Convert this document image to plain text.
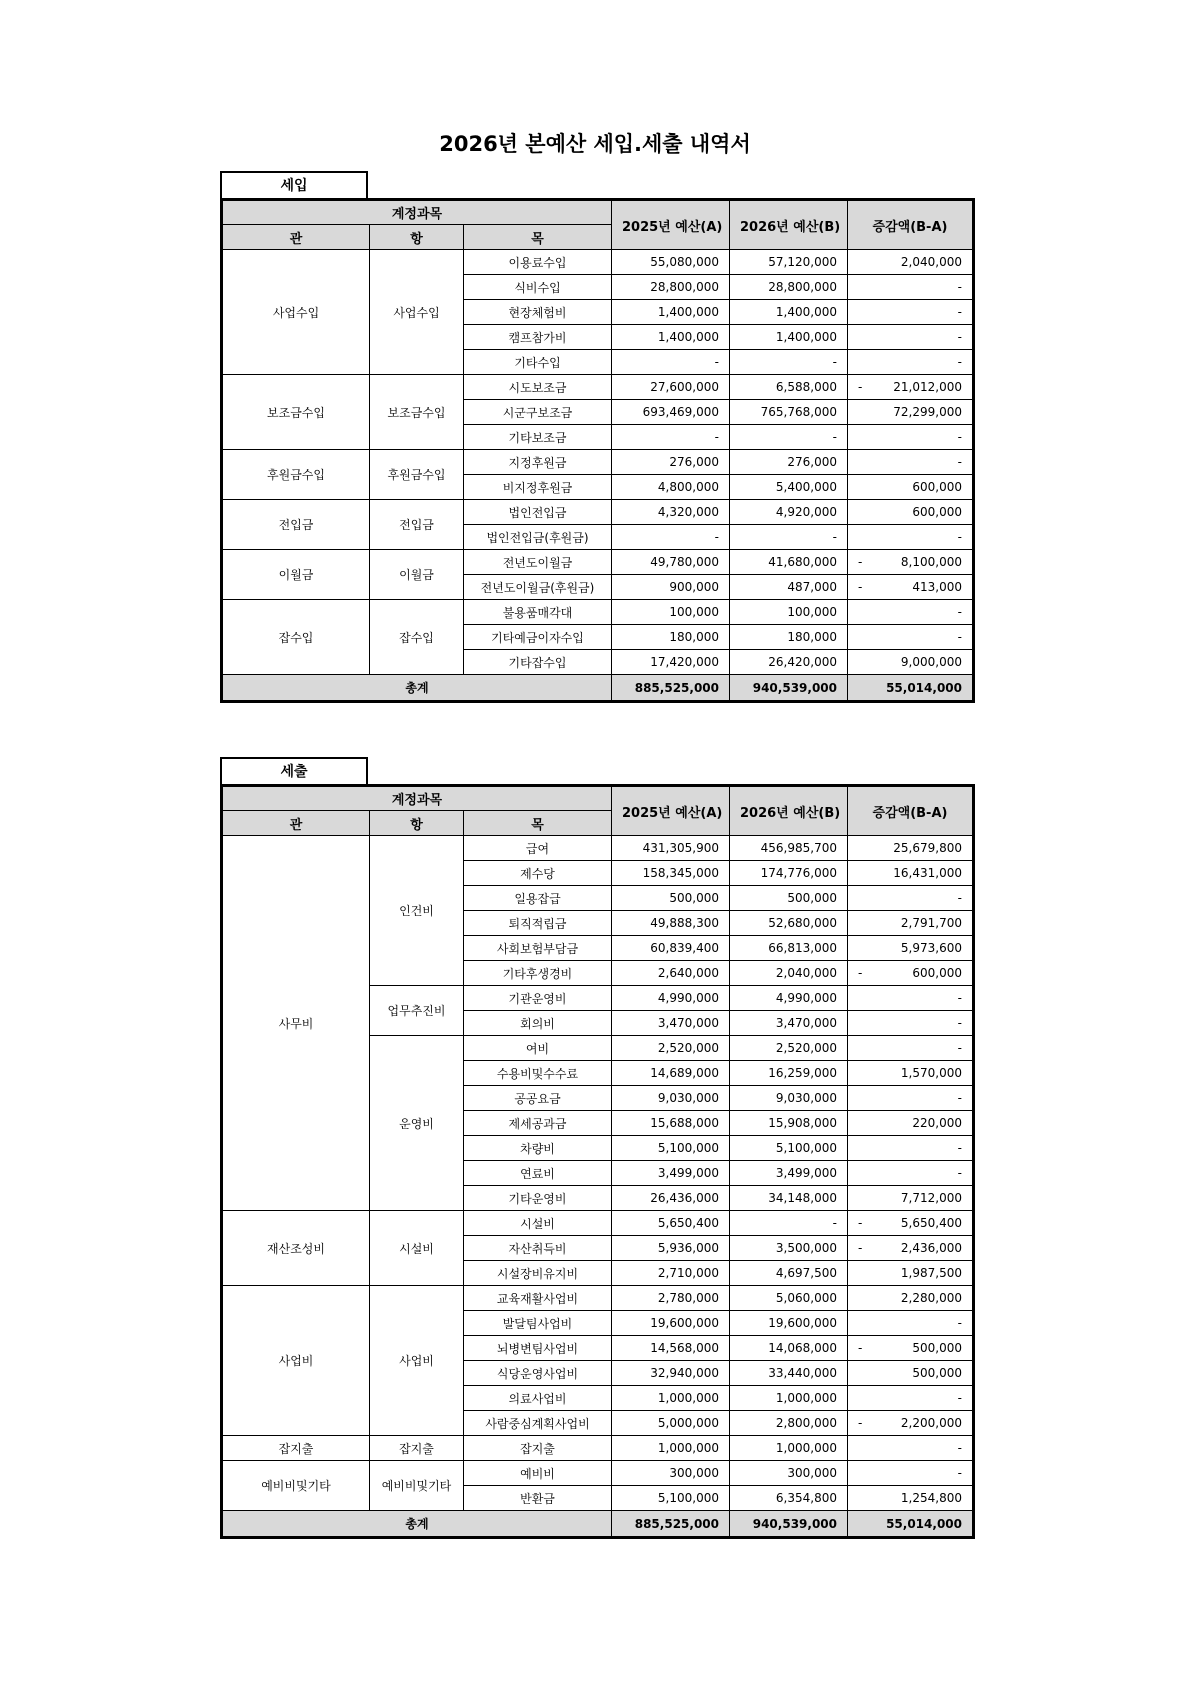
2026년 본예산 세입.세출 내역서
세입
계정과목			2025년 예산(A)	2026년 예산(B)	증감액(B-A)
관	항	목			
사업수입	사업수입	이용료수입	55,080,000	57,120,000	2,040,000
		식비수입	28,800,000	28,800,000	-
		현장체험비	1,400,000	1,400,000	-
		캠프참가비	1,400,000	1,400,000	-
		기타수입	-	-	-
보조금수입	보조금수입	시도보조금	27,600,000	6,588,000	- 21,012,000
		시군구보조금	693,469,000	765,768,000	72,299,000
		기타보조금	-	-	-
후원금수입	후원금수입	지정후원금	276,000	276,000	-
		비지정후원금	4,800,000	5,400,000	600,000
전입금	전입금	법인전입금	4,320,000	4,920,000	600,000
		법인전입금(후원금)	-	-	-
이월금	이월금	전년도이월금	49,780,000	41,680,000	- 8,100,000
		전년도이월금(후원금)	900,000	487,000	- 413,000
잡수입	잡수입	불용품매각대	100,000	100,000	-
		기타예금이자수입	180,000	180,000	-
		기타잡수입	17,420,000	26,420,000	9,000,000
총계			885,525,000	940,539,000	55,014,000
세출
계정과목			2025년 예산(A)	2026년 예산(B)	증감액(B-A)
관	항	목			
사무비	인건비	급여	431,305,900	456,985,700	25,679,800
		제수당	158,345,000	174,776,000	16,431,000
		일용잡급	500,000	500,000	-
		퇴직적립금	49,888,300	52,680,000	2,791,700
		사회보험부담금	60,839,400	66,813,000	5,973,600
		기타후생경비	2,640,000	2,040,000	- 600,000
	업무추진비	기관운영비	4,990,000	4,990,000	-
		회의비	3,470,000	3,470,000	-
	운영비	여비	2,520,000	2,520,000	-
		수용비및수수료	14,689,000	16,259,000	1,570,000
		공공요금	9,030,000	9,030,000	-
		제세공과금	15,688,000	15,908,000	220,000
		차량비	5,100,000	5,100,000	-
		연료비	3,499,000	3,499,000	-
		기타운영비	26,436,000	34,148,000	7,712,000
재산조성비	시설비	시설비	5,650,400	-	- 5,650,400
		자산취득비	5,936,000	3,500,000	- 2,436,000
		시설장비유지비	2,710,000	4,697,500	1,987,500
사업비	사업비	교육재활사업비	2,780,000	5,060,000	2,280,000
		발달팀사업비	19,600,000	19,600,000	-
		뇌병변팀사업비	14,568,000	14,068,000	- 500,000
		식당운영사업비	32,940,000	33,440,000	500,000
		의료사업비	1,000,000	1,000,000	-
		사람중심계획사업비	5,000,000	2,800,000	- 2,200,000
잡지출	잡지출	잡지출	1,000,000	1,000,000	-
예비비및기타	예비비및기타	예비비	300,000	300,000	-
		반환금	5,100,000	6,354,800	1,254,800
총계			885,525,000	940,539,000	55,014,000
